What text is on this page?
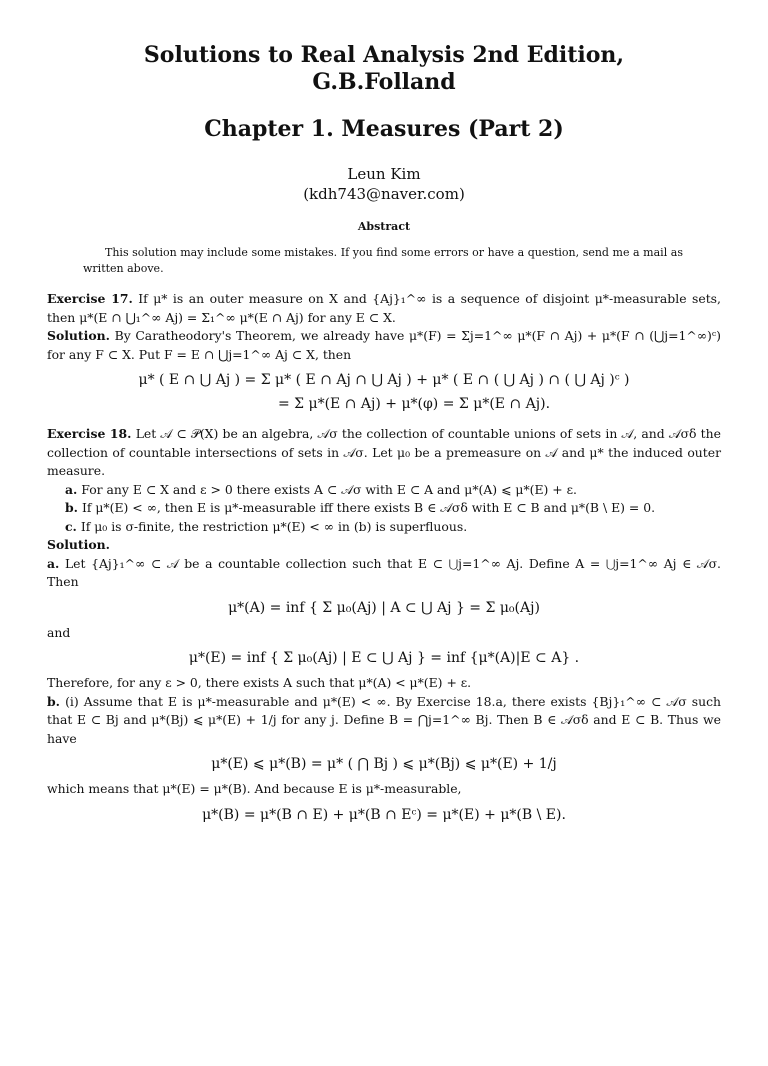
Solutions to Real Analysis 2nd Edition,
G.B.Folland
Chapter 1. Measures (Part 2)
Leun Kim
(kdh743@naver.com)
Abstract
This solution may include some mistakes. If you find some errors or have a question, send me a mail as written above.

Exercise 17. If μ* is an outer measure on X and {Aj}₁^∞ is a sequence of disjoint μ*-measurable sets, then μ*(E ∩ ⋃₁^∞ Aj) = Σ₁^∞ μ*(E ∩ Aj) for any E ⊂ X.

Solution. By Caratheodory's Theorem, we already have μ*(F) = Σj=1^∞ μ*(F ∩ Aj) + μ*(F ∩ (⋃j=1^∞)ᶜ) for any F ⊂ X. Put F = E ∩ ⋃j=1^∞ Aj ⊂ X, then

μ* ( E ∩ ⋃ Aj ) = Σ μ* ( E ∩ Aj ∩ ⋃ Aj ) + μ* ( E ∩ ( ⋃ Aj ) ∩ ( ⋃ Aj )ᶜ )
= Σ μ*(E ∩ Aj) + μ*(φ) = Σ μ*(E ∩ Aj).

Exercise 18. Let 𝒜 ⊂ 𝒫(X) be an algebra, 𝒜σ the collection of countable unions of sets in 𝒜, and 𝒜σδ the collection of countable intersections of sets in 𝒜σ. Let μ₀ be a premeasure on 𝒜 and μ* the induced outer measure.

a. For any E ⊂ X and ε > 0 there exists A ⊂ 𝒜σ with E ⊂ A and μ*(A) ⩽ μ*(E) + ε.

b. If μ*(E) < ∞, then E is μ*-measurable iff there exists B ∈ 𝒜σδ with E ⊂ B and μ*(B \ E) = 0.

c. If μ₀ is σ-finite, the restriction μ*(E) < ∞ in (b) is superfluous.

Solution.

a. Let {Aj}₁^∞ ⊂ 𝒜 be a countable collection such that E ⊂ ⋃j=1^∞ Aj. Define A = ⋃j=1^∞ Aj ∈ 𝒜σ. Then

μ*(A) = inf { Σ μ₀(Aj) | A ⊂ ⋃ Aj } = Σ μ₀(Aj)

and

μ*(E) = inf { Σ μ₀(Aj) | E ⊂ ⋃ Aj } = inf {μ*(A)|E ⊂ A} .

Therefore, for any ε > 0, there exists A such that μ*(A) < μ*(E) + ε.

b. (i) Assume that E is μ*-measurable and μ*(E) < ∞. By Exercise 18.a, there exists {Bj}₁^∞ ⊂ 𝒜σ such that E ⊂ Bj and μ*(Bj) ⩽ μ*(E) + 1/j for any j. Define B = ⋂j=1^∞ Bj. Then B ∈ 𝒜σδ and E ⊂ B. Thus we have

μ*(E) ⩽ μ*(B) = μ* ( ⋂ Bj ) ⩽ μ*(Bj) ⩽ μ*(E) + 1/j

which means that μ*(E) = μ*(B). And because E is μ*-measurable,

μ*(B) = μ*(B ∩ E) + μ*(B ∩ Eᶜ) = μ*(E) + μ*(B \ E).
